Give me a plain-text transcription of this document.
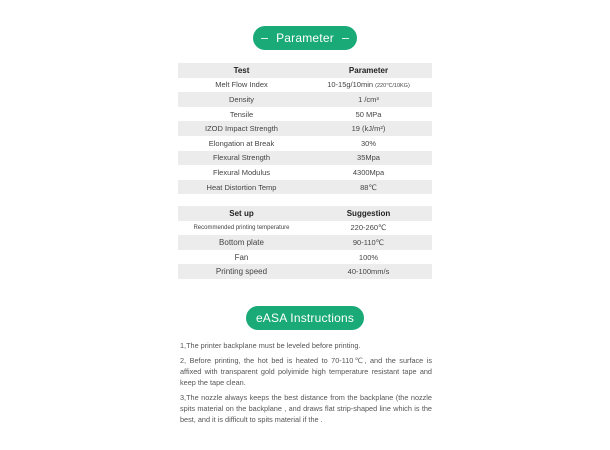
Parameter
Test	Parameter
Melt Flow Index	10-15g/10min (220℃/10KG)
Density	1 /cm³
Tensile	50 MPa
IZOD Impact Strength	19 (kJ/m²)
Elongation at Break	30%
Flexural Strength	35Mpa
Flexural Modulus	4300Mpa
Heat Distortion Temp	88℃
Set up	Suggestion
Recommended printing temperature	220-260℃
Bottom plate	90-110℃
Fan	100%
Printing speed	40-100mm/s
eASA Instructions

1,The printer backplane must be leveled before printing.

2, Before printing, the hot bed is heated to 70-110℃, and the surface is affixed with transparent gold polyimide high temperature resistant tape and keep the tape clean.

3,The nozzle always keeps the best distance from the backplane (the nozzle spits material on the backplane , and draws flat strip-shaped line which is the best, and it is difficult to spits material if the .
